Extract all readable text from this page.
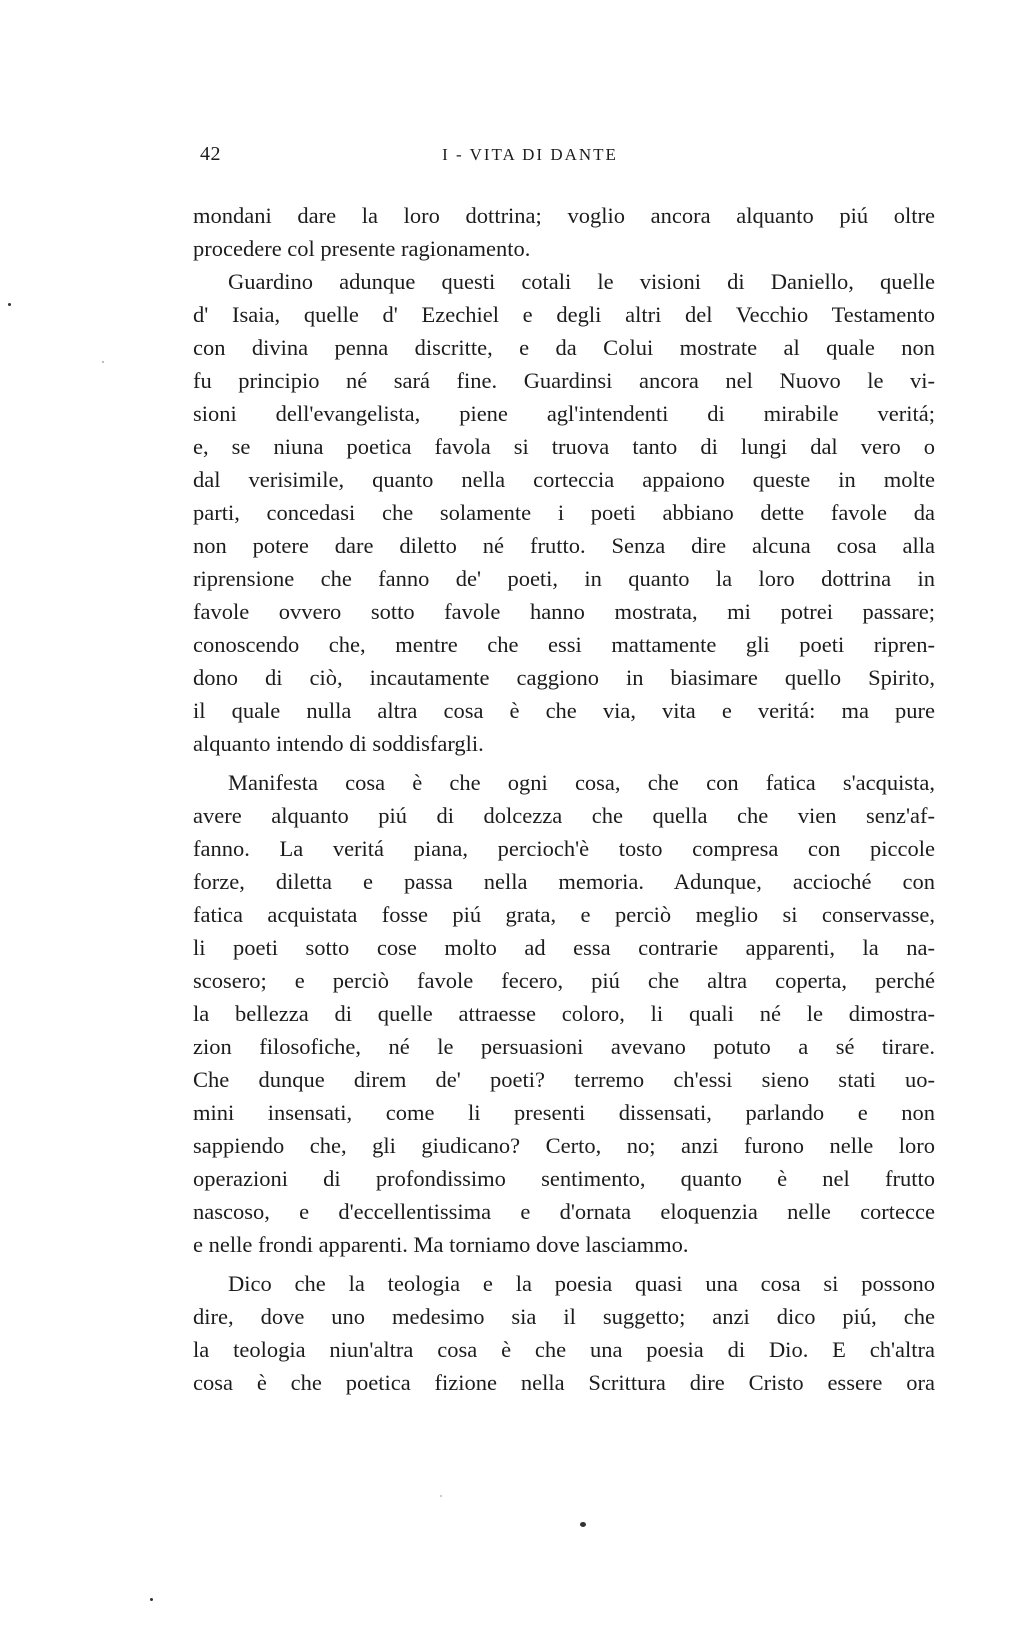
42	I - VITA DI DANTE
mondani dare la loro dottrina; voglio ancora alquanto piú oltre
procedere col presente ragionamento.
Guardino adunque questi cotali le visioni di Daniello, quelle
d' Isaia, quelle d' Ezechiel e degli altri del Vecchio Testamento
con divina penna discritte, e da Colui mostrate al quale non
fu principio né sará fine. Guardinsi ancora nel Nuovo le vi-
sioni dell'evangelista, piene agl'intendenti di mirabile veritá;
e, se niuna poetica favola si truova tanto di lungi dal vero o
dal verisimile, quanto nella corteccia appaiono queste in molte
parti, concedasi che solamente i poeti abbiano dette favole da
non potere dare diletto né frutto. Senza dire alcuna cosa alla
riprensione che fanno de' poeti, in quanto la loro dottrina in
favole ovvero sotto favole hanno mostrata, mi potrei passare;
conoscendo che, mentre che essi mattamente gli poeti ripren-
dono di ciò, incautamente caggiono in biasimare quello Spirito,
il quale nulla altra cosa è che via, vita e veritá: ma pure
alquanto intendo di soddisfargli.
Manifesta cosa è che ogni cosa, che con fatica s'acquista,
avere alquanto piú di dolcezza che quella che vien senz'af-
fanno. La veritá piana, percioch'è tosto compresa con piccole
forze, diletta e passa nella memoria. Adunque, accioché con
fatica acquistata fosse piú grata, e perciò meglio si conservasse,
li poeti sotto cose molto ad essa contrarie apparenti, la na-
scosero; e perciò favole fecero, piú che altra coperta, perché
la bellezza di quelle attraesse coloro, li quali né le dimostra-
zion filosofiche, né le persuasioni avevano potuto a sé tirare.
Che dunque direm de' poeti? terremo ch'essi sieno stati uo-
mini insensati, come li presenti dissensati, parlando e non
sappiendo che, gli giudicano? Certo, no; anzi furono nelle loro
operazioni di profondissimo sentimento, quanto è nel frutto
nascoso, e d'eccellentissima e d'ornata eloquenzia nelle cortecce
e nelle frondi apparenti. Ma torniamo dove lasciammo.
Dico che la teologia e la poesia quasi una cosa si possono
dire, dove uno medesimo sia il suggetto; anzi dico piú, che
la teologia niun'altra cosa è che una poesia di Dio. E ch'altra
cosa è che poetica fizione nella Scrittura dire Cristo essere ora
